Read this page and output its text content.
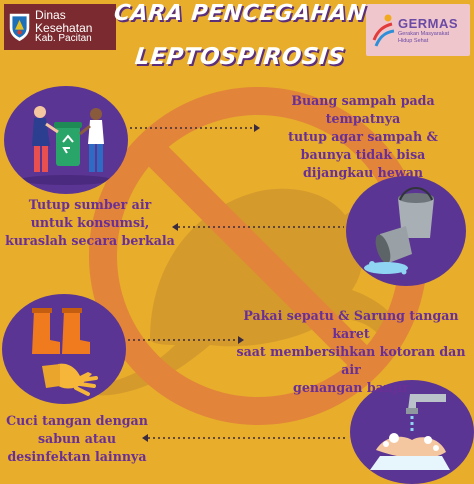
Dinas Kesehatan
Kab. Pacitan
GERMAS
Gerakan Masyarakat
Hidup Sehat
CARA PENCEGAHAN
LEPTOSPIROSIS
Buang sampah pada tempatnya
tutup agar sampah &
baunya tidak bisa
dijangkau hewan
Tutup sumber air
untuk konsumsi,
kuraslah secara berkala
Pakai sepatu & Sarung tangan karet
saat membersihkan kotoran dan air
genangan banjir
Cuci tangan dengan
sabun atau
desinfektan lainnya
